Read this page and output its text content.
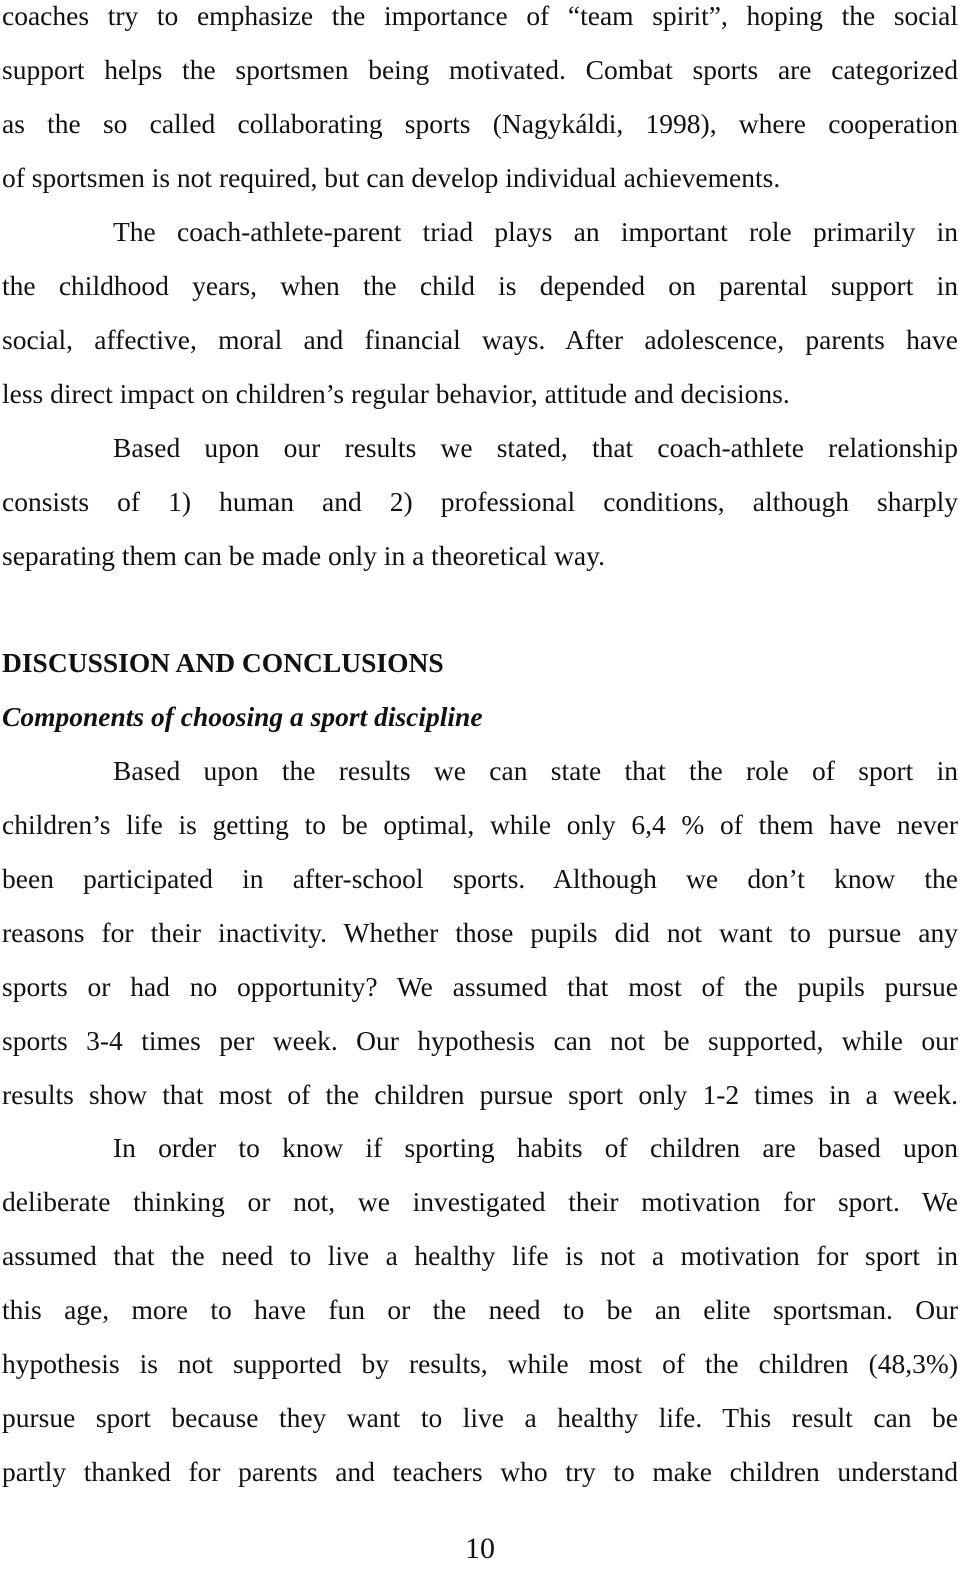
coaches try to emphasize the importance of “team spirit”, hoping the social
support helps the sportsmen being motivated. Combat sports are categorized
as the so called collaborating sports (Nagykáldi, 1998), where cooperation
of sportsmen is not required, but can develop individual achievements.
The coach-athlete-parent triad plays an important role primarily in
the childhood years, when the child is depended on parental support in
social, affective, moral and financial ways. After adolescence, parents have
less direct impact on children’s regular behavior, attitude and decisions.
Based upon our results we stated, that coach-athlete relationship
consists of 1) human and 2) professional conditions, although sharply
separating them can be made only in a theoretical way.
DISCUSSION AND CONCLUSIONS
Components of choosing a sport discipline
Based upon the results we can state that the role of sport in
children’s life is getting to be optimal, while only 6,4 % of them have never
been participated in after-school sports. Although we don’t know the
reasons for their inactivity. Whether those pupils did not want to pursue any
sports or had no opportunity? We assumed that most of the pupils pursue
sports 3-4 times per week. Our hypothesis can not be supported, while our
results show that most of the children pursue sport only 1-2 times in a week.
In order to know if sporting habits of children are based upon
deliberate thinking or not, we investigated their motivation for sport. We
assumed that the need to live a healthy life is not a motivation for sport in
this age, more to have fun or the need to be an elite sportsman. Our
hypothesis is not supported by results, while most of the children (48,3%)
pursue sport because they want to live a healthy life. This result can be
partly thanked for parents and teachers who try to make children understand
10
